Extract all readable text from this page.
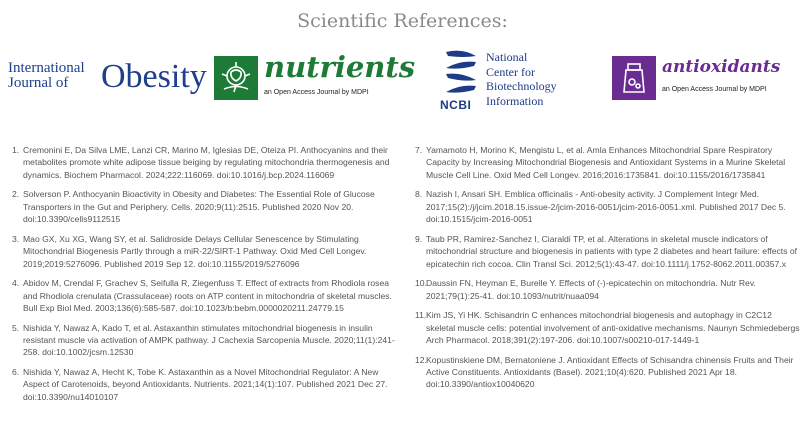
Scientific References:
International
Journal of Obesity nutrients
an Open Access Journal by MDPI
NCBI
National
Center for
Biotechnology
Information
antioxidants
an Open Access Journal by MDPI
1. Cremonini E, Da Silva LME, Lanzi CR, Marino M, Iglesias DE, Oteiza PI. Anthocyanins and their metabolites promote white adipose tissue beiging by regulating mitochondria thermogenesis and dynamics. Biochem Pharmacol. 2024;222:116069. doi:10.1016/j.bcp.2024.116069
2. Solverson P. Anthocyanin Bioactivity in Obesity and Diabetes: The Essential Role of Glucose Transporters in the Gut and Periphery. Cells. 2020;9(11):2515. Published 2020 Nov 20. doi:10.3390/cells9112515
3. Mao GX, Xu XG, Wang SY, et al. Salidroside Delays Cellular Senescence by Stimulating Mitochondrial Biogenesis Partly through a miR-22/SIRT-1 Pathway. Oxid Med Cell Longev. 2019;2019:5276096. Published 2019 Sep 12. doi:10.1155/2019/5276096
4. Abidov M, Crendal F, Grachev S, Seifulla R, Ziegenfuss T. Effect of extracts from Rhodiola rosea and Rhodiola crenulata (Crassulaceae) roots on ATP content in mitochondria of skeletal muscles. Bull Exp Biol Med. 2003;136(6):585-587. doi:10.1023/b:bebm.0000020211.24779.15
5. Nishida Y, Nawaz A, Kado T, et al. Astaxanthin stimulates mitochondrial biogenesis in insulin resistant muscle via activation of AMPK pathway. J Cachexia Sarcopenia Muscle. 2020;11(1):241-258. doi:10.1002/jcsm.12530
6. Nishida Y, Nawaz A, Hecht K, Tobe K. Astaxanthin as a Novel Mitochondrial Regulator: A New Aspect of Carotenoids, beyond Antioxidants. Nutrients. 2021;14(1):107. Published 2021 Dec 27. doi:10.3390/nu14010107
7. Yamamoto H, Morino K, Mengistu L, et al. Amla Enhances Mitochondrial Spare Respiratory Capacity by Increasing Mitochondrial Biogenesis and Antioxidant Systems in a Murine Skeletal Muscle Cell Line. Oxid Med Cell Longev. 2016;2016:1735841. doi:10.1155/2016/1735841
8. Nazish I, Ansari SH. Emblica officinalis - Anti-obesity activity. J Complement Integr Med. 2017;15(2):/j/jcim.2018.15.issue-2/jcim-2016-0051/jcim-2016-0051.xml. Published 2017 Dec 5. doi:10.1515/jcim-2016-0051
9. Taub PR, Ramirez-Sanchez I, Ciaraldi TP, et al. Alterations in skeletal muscle indicators of mitochondrial structure and biogenesis in patients with type 2 diabetes and heart failure: effects of epicatechin rich cocoa. Clin Transl Sci. 2012;5(1):43-47. doi:10.1111/j.1752-8062.2011.00357.x
10. Daussin FN, Heyman E, Burelle Y. Effects of (-)-epicatechin on mitochondria. Nutr Rev. 2021;79(1):25-41. doi:10.1093/nutrit/nuaa094
11. Kim JS, Yi HK. Schisandrin C enhances mitochondrial biogenesis and autophagy in C2C12 skeletal muscle cells: potential involvement of anti-oxidative mechanisms. Naunyn Schmiedebergs Arch Pharmacol. 2018;391(2):197-206. doi:10.1007/s00210-017-1449-1
12. Kopustinskiene DM, Bernatoniene J. Antioxidant Effects of Schisandra chinensis Fruits and Their Active Constituents. Antioxidants (Basel). 2021;10(4):620. Published 2021 Apr 18. doi:10.3390/antiox10040620
